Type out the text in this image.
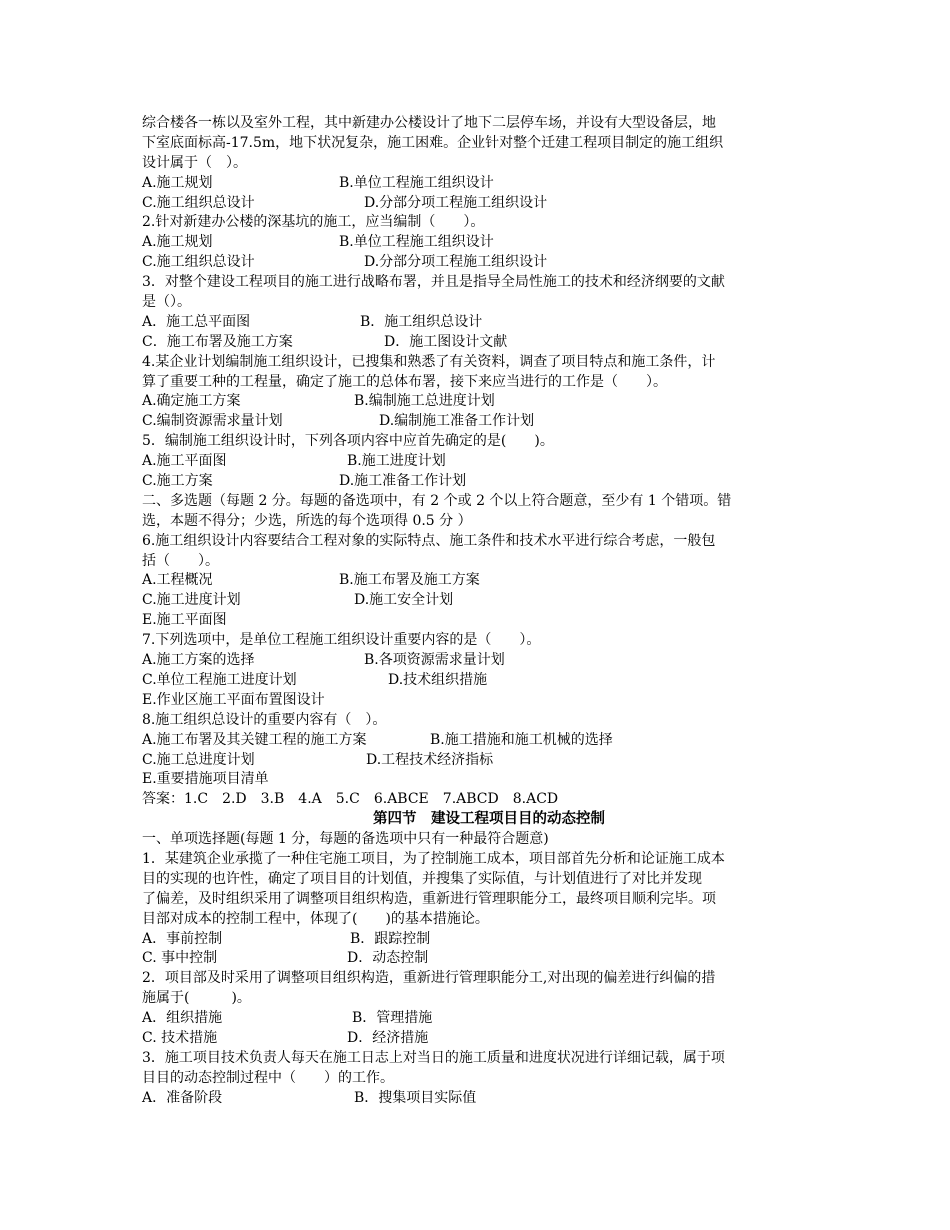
综合楼各一栋以及室外工程，其中新建办公楼设计了地下二层停车场，并设有大型设备层，地
下室底面标高-17.5m，地下状况复杂，施工困难。企业针对整个迁建工程项目制定的施工组织
设计属于（　）。
A.施工规划	B.单位工程施工组织设计
C.施工组织总设计	D.分部分项工程施工组织设计
2.针对新建办公楼的深基坑的施工，应当编制（　　）。
A.施工规划	B.单位工程施工组织设计
C.施工组织总设计	D.分部分项工程施工组织设计
3．对整个建设工程项目的施工进行战略布署，并且是指导全局性施工的技术和经济纲要的文献
是（）。
A．施工总平面图	B．施工组织总设计
C．施工布署及施工方案	D．施工图设计文献
4.某企业计划编制施工组织设计，已搜集和熟悉了有关资料，调查了项目特点和施工条件，计
算了重要工种的工程量，确定了施工的总体布署，接下来应当进行的工作是（　　）。
A.确定施工方案	B.编制施工总进度计划
C.编制资源需求量计划	D.编制施工准备工作计划
5．编制施工组织设计时，下列各项内容中应首先确定的是(　　)。
A.施工平面图	B.施工进度计划
C.施工方案	D.施工准备工作计划
二、多选题（每题 2 分。每题的备选项中，有 2 个或 2 个以上符合题意，至少有 1 个错项。错
选，本题不得分；少选，所选的每个选项得 0.5 分 ）
6.施工组织设计内容要结合工程对象的实际特点、施工条件和技术水平进行综合考虑，一般包
括（　　）。
A.工程概况	B.施工布署及施工方案
C.施工进度计划	D.施工安全计划
E.施工平面图
7.下列选项中，是单位工程施工组织设计重要内容的是（　　）。
A.施工方案的选择	B.各项资源需求量计划
C.单位工程施工进度计划	D.技术组织措施
E.作业区施工平面布置图设计
8.施工组织总设计的重要内容有（　）。
A.施工布署及其关键工程的施工方案	B.施工措施和施工机械的选择
C.施工总进度计划	D.工程技术经济指标
E.重要措施项目清单
答案：1.C　2.D　3.B　4.A　5.C　6.ABCE　7.ABCD　8.ACD
第四节　建设工程项目目的动态控制
一、单项选择题(每题 1 分，每题的备选项中只有一种最符合题意)
1．某建筑企业承揽了一种住宅施工项目，为了控制施工成本，项目部首先分析和论证施工成本
目的实现的也许性，确定了项目目的计划值，并搜集了实际值，与计划值进行了对比并发现
了偏差，及时组织采用了调整项目组织构造，重新进行管理职能分工，最终项目顺利完毕。项
目部对成本的控制工程中，体现了(　　)的基本措施论。
A．事前控制	B．跟踪控制
C. 事中控制	D．动态控制
2．项目部及时采用了调整项目组织构造，重新进行管理职能分工,对出现的偏差进行纠偏的措
施属于(　　　)。
A．组织措施	B．管理措施
C. 技术措施	D．经济措施
3．施工项目技术负责人每天在施工日志上对当日的施工质量和进度状况进行详细记载，属于项
目目的动态控制过程中（　　）的工作。
A．准备阶段	B．搜集项目实际值
